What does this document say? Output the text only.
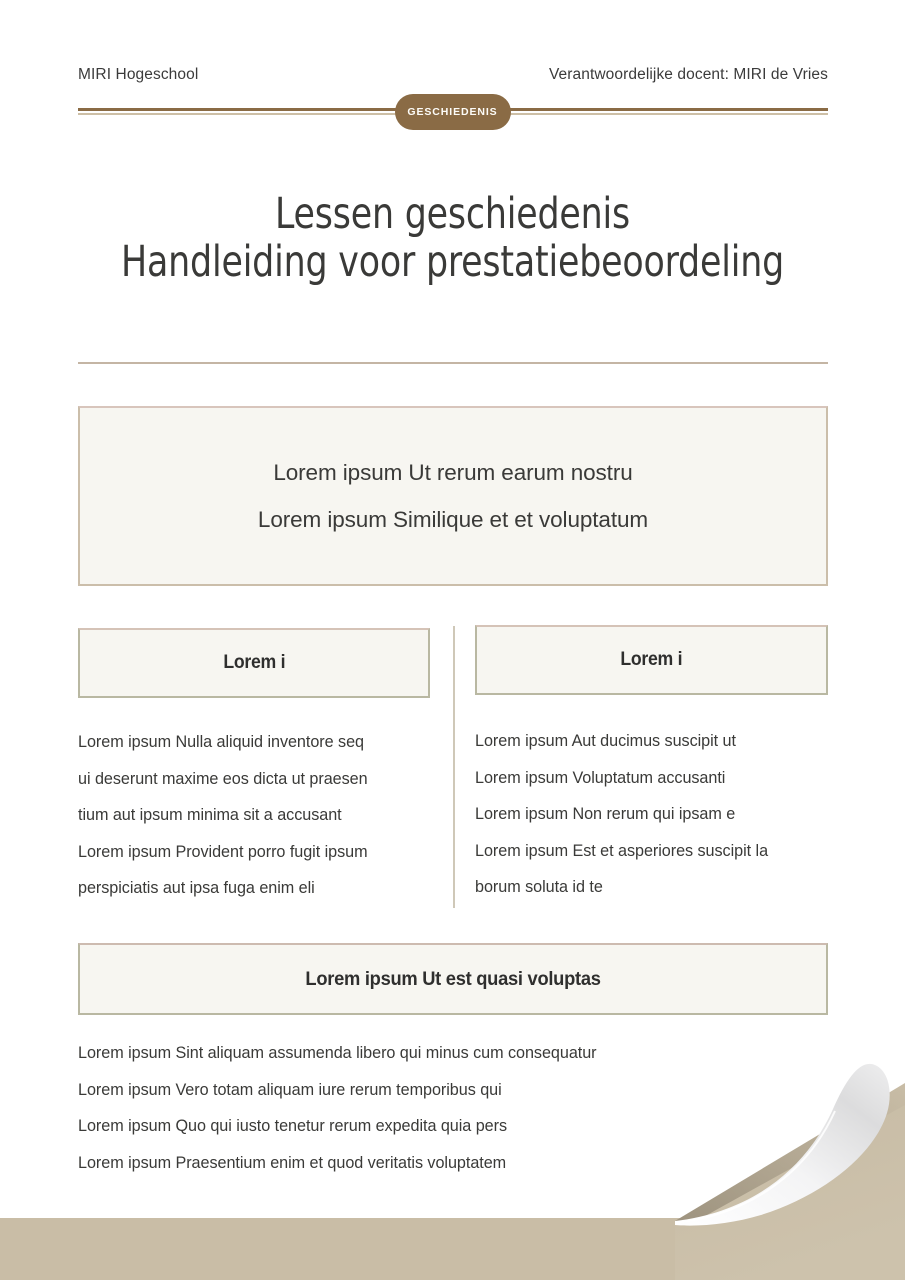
MIRI Hogeschool	Verantwoordelijke docent: MIRI de Vries
GESCHIEDENIS
Lessen geschiedenis
Handleiding voor prestatiebeoordeling
Lorem ipsum Ut rerum earum nostru
Lorem ipsum Similique et et voluptatum
Lorem i	Lorem i

Lorem ipsum Nulla aliquid inventore seq

ui deserunt maxime eos dicta ut praesen

tium aut ipsum minima sit a accusant

Lorem ipsum Provident porro fugit ipsum

perspiciatis aut ipsa fuga enim eli

Lorem ipsum Aut ducimus suscipit ut

Lorem ipsum Voluptatum accusanti

Lorem ipsum Non rerum qui ipsam e

Lorem ipsum Est et asperiores suscipit la

borum soluta id te

Lorem ipsum Ut est quasi voluptas

Lorem ipsum Sint aliquam assumenda libero qui minus cum consequatur

Lorem ipsum Vero totam aliquam iure rerum temporibus qui

Lorem ipsum Quo qui iusto tenetur rerum expedita quia pers

Lorem ipsum Praesentium enim et quod veritatis voluptatem
